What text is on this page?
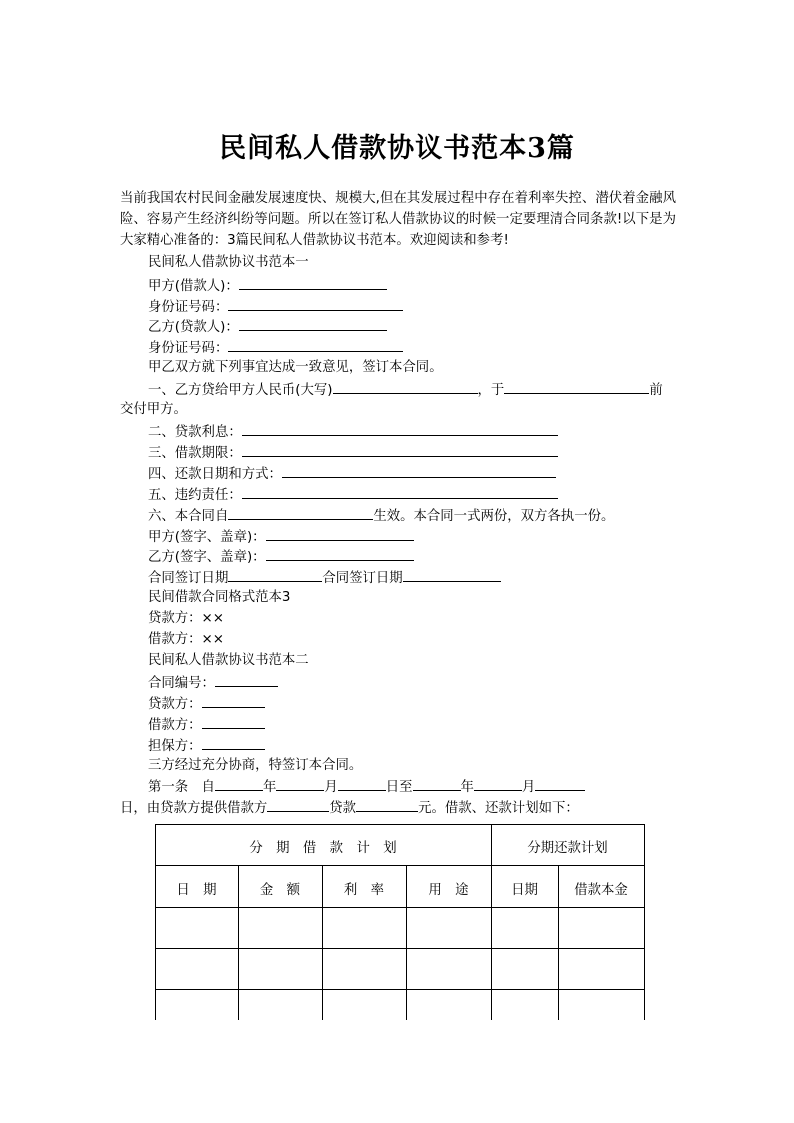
民间私人借款协议书范本3篇
当前我国农村民间金融发展速度快、规模大,但在其发展过程中存在着利率失控、潜伏着金融风险、容易产生经济纠纷等问题。所以在签订私人借款协议的时候一定要理清合同条款!以下是为大家精心准备的：3篇民间私人借款协议书范本。欢迎阅读和参考!
民间私人借款协议书范本一
甲方(借款人)：
身份证号码：
乙方(贷款人)：
身份证号码：
甲乙双方就下列事宜达成一致意见，签订本合同。
一、乙方贷给甲方人民币(大写)	，于	前
交付甲方。
二、贷款利息：
三、借款期限：
四、还款日期和方式：
五、违约责任：
六、本合同自	生效。本合同一式两份，双方各执一份。
甲方(签字、盖章)：
乙方(签字、盖章)：
合同签订日期	合同签订日期
民间借款合同格式范本3
贷款方：××
借款方：××
民间私人借款协议书范本二
合同编号：
贷款方：
借款方：
担保方：
三方经过充分协商，特签订本合同。
第一条　自	年	月	日至	年	月
日，由贷款方提供借款方	贷款	元。借款、还款计划如下：
分　期　借　款　计　划	分期还款计划
日　期	金　额	利　率	用　途	日期	借款本金
